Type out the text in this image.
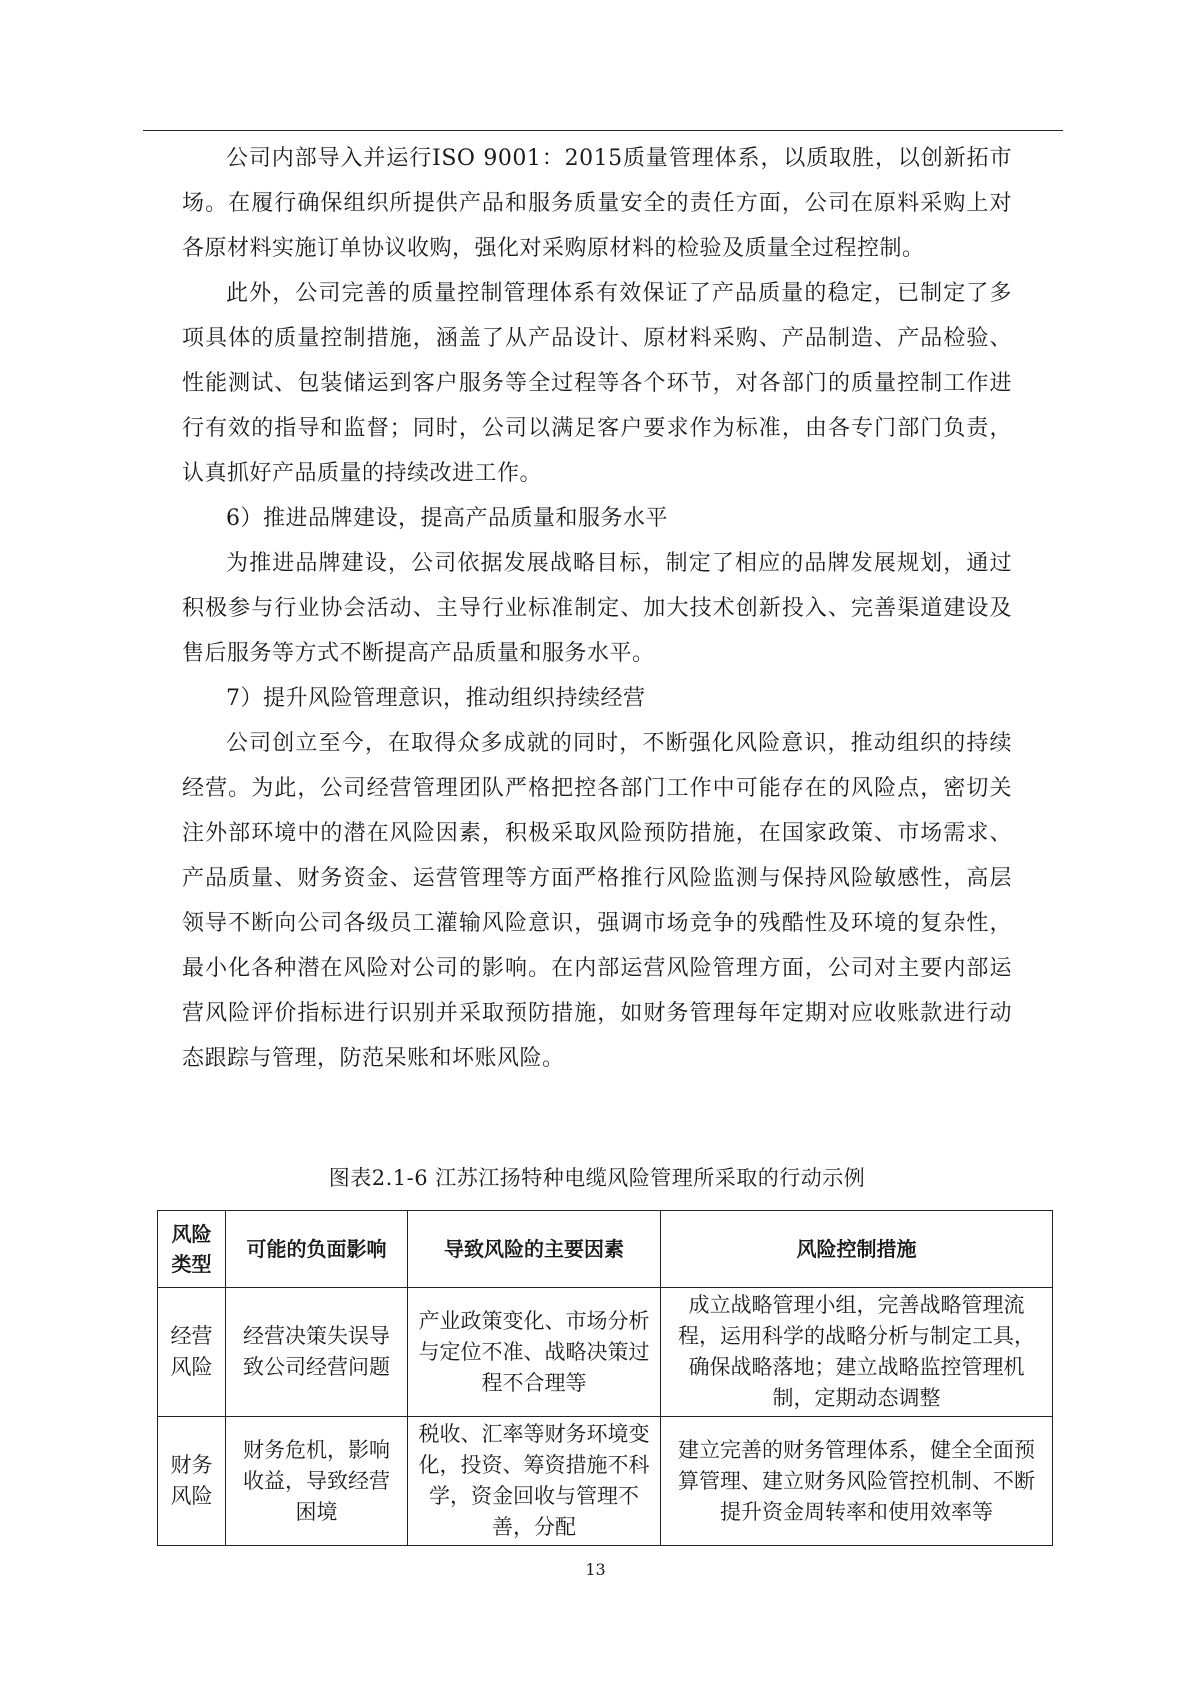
公司内部导入并运行ISO 9001：2015质量管理体系，以质取胜，以创新拓市场。在履行确保组织所提供产品和服务质量安全的责任方面，公司在原料采购上对各原材料实施订单协议收购，强化对采购原材料的检验及质量全过程控制。

此外，公司完善的质量控制管理体系有效保证了产品质量的稳定，已制定了多项具体的质量控制措施，涵盖了从产品设计、原材料采购、产品制造、产品检验、性能测试、包装储运到客户服务等全过程等各个环节，对各部门的质量控制工作进行有效的指导和监督；同时，公司以满足客户要求作为标准，由各专门部门负责，认真抓好产品质量的持续改进工作。

6）推进品牌建设，提高产品质量和服务水平

为推进品牌建设，公司依据发展战略目标，制定了相应的品牌发展规划，通过积极参与行业协会活动、主导行业标准制定、加大技术创新投入、完善渠道建设及售后服务等方式不断提高产品质量和服务水平。

7）提升风险管理意识，推动组织持续经营

公司创立至今，在取得众多成就的同时，不断强化风险意识，推动组织的持续经营。为此，公司经营管理团队严格把控各部门工作中可能存在的风险点，密切关注外部环境中的潜在风险因素，积极采取风险预防措施，在国家政策、市场需求、产品质量、财务资金、运营管理等方面严格推行风险监测与保持风险敏感性，高层领导不断向公司各级员工灌输风险意识，强调市场竞争的残酷性及环境的复杂性，最小化各种潜在风险对公司的影响。在内部运营风险管理方面，公司对主要内部运营风险评价指标进行识别并采取预防措施，如财务管理每年定期对应收账款进行动态跟踪与管理，防范呆账和坏账风险。

图表2.1-6 江苏江扬特种电缆风险管理所采取的行动示例
风险类型	可能的负面影响	导致风险的主要因素	风险控制措施
经营风险	经营决策失误导致公司经营问题	产业政策变化、市场分析与定位不准、战略决策过程不合理等	成立战略管理小组，完善战略管理流程，运用科学的战略分析与制定工具，确保战略落地；建立战略监控管理机制，定期动态调整
财务风险	财务危机，影响收益，导致经营困境	税收、汇率等财务环境变化，投资、筹资措施不科学，资金回收与管理不善，分配	建立完善的财务管理体系，健全全面预算管理、建立财务风险管控机制、不断提升资金周转率和使用效率等
13
